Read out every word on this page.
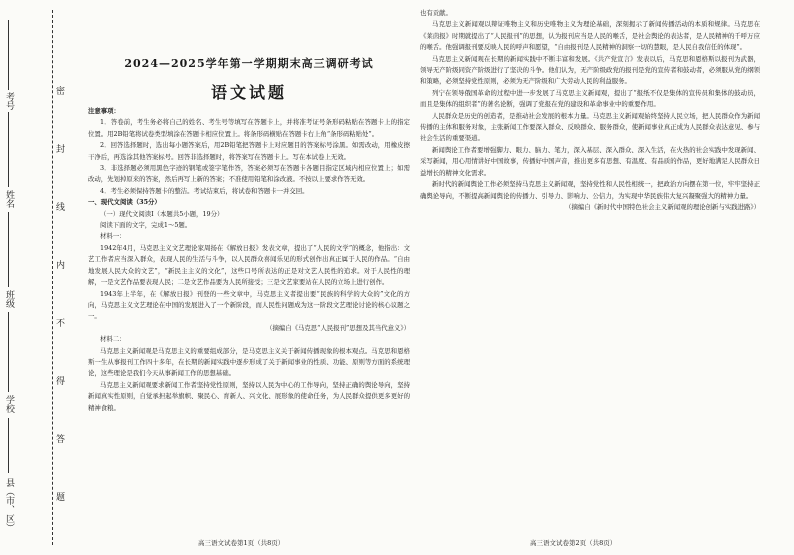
考号
姓名
班级
学校
县（市、区）
密
封
线
内
不
得
答
题
2024—2025学年第一学期期末高三调研考试
语文试题

注意事项：

1．答卷前，考生务必将自己的姓名、考生号等填写在答题卡上，并将准考证号条形码粘贴在答题卡上的指定位置。用2B铅笔将试卷类型填涂在答题卡相应位置上。将条形码横贴在答题卡右上角“条形码粘贴处”。

2．回答选择题时，选出每小题答案后，用2B铅笔把答题卡上对应题目的答案标号涂黑。如需改动，用橡皮擦干净后，再选涂其他答案标号。回答非选择题时，将答案写在答题卡上。写在本试卷上无效。

3．非选择题必须用黑色字迹的钢笔或签字笔作答，答案必须写在答题卡各题目指定区域内相应位置上；如需改动，先划掉原来的答案，然后再写上新的答案；不准使用铅笔和涂改液。不按以上要求作答无效。

4．考生必须保持答题卡的整洁。考试结束后，将试卷和答题卡一并交回。

一、现代文阅读（35分）

（一）现代文阅读Ⅰ（本题共5小题，19分）

阅读下面的文字，完成1～5题。

材料一：

1942年4月，马克思主义文艺理论家周扬在《解放日报》发表文章，提出了“人民的文学”的概念，他指出：文艺工作者应当深入群众，表现人民的生活与斗争，以人民群众喜闻乐见的形式创作出真正属于人民的作品。“自由地发展人民大众的文艺”，“新民主主义的文化”，这些口号所表达的正是对文艺人民性的追求。对于人民性的理解，一是文艺作品要表现人民；二是文艺作品要为人民所接受；三是文艺家要站在人民的立场上进行创作。

1943年上半年，在《解放日报》刊登的一些文章中，马克思主义者提出要“民族的科学的大众的”文化的方向，马克思主义文艺理论在中国的发展进入了一个新阶段，而人民性问题成为这一阶段文艺理论讨论的核心议题之一。

（摘编自《马克思“人民报刊”思想及其当代意义》）

材料二：

马克思主义新闻观是马克思主义的重要组成部分，是马克思主义关于新闻传播现象的根本观点。马克思和恩格斯一生从事报刊工作四十多年，在长期的新闻实践中逐步形成了关于新闻事业的性质、功能、原则等方面的系统理论，这些理论是我们今天从事新闻工作的思想基础。

马克思主义新闻观要求新闻工作者坚持党性原则，坚持以人民为中心的工作导向，坚持正确的舆论导向，坚持新闻真实性原则，自觉承担起举旗帜、聚民心、育新人、兴文化、展形象的使命任务，为人民群众提供更多更好的精神食粮。

高三语文试卷第1页（共8页）

也有贡献。

马克思主义新闻观以辩证唯物主义和历史唯物主义为理论基础，深刻揭示了新闻传播活动的本质和规律。马克思在《莱茵报》时期就提出了“人民报刊”的思想，认为报刊应当是人民的喉舌，是社会舆论的表达者，是人民精神的千呼万应的喉舌。他强调报刊要反映人民的呼声和愿望，“自由报刊是人民精神的洞察一切的慧眼，是人民自我信任的体现”。

马克思主义新闻观在长期的新闻实践中不断丰富和发展。《共产党宣言》发表以后，马克思和恩格斯以报刊为武器，领导无产阶级同资产阶级进行了坚决的斗争。他们认为，无产阶级政党的报刊是党的宣传者和鼓动者，必须服从党的纲领和策略，必须坚持党性原则，必须为无产阶级和广大劳动人民的利益服务。

列宁在领导俄国革命的过程中进一步发展了马克思主义新闻观，提出了“报纸不仅是集体的宣传员和集体的鼓动员，而且是集体的组织者”的著名论断，强调了党报在党的建设和革命事业中的重要作用。

人民群众是历史的创造者，是推动社会发展的根本力量。马克思主义新闻观始终坚持人民立场，把人民群众作为新闻传播的主体和服务对象，主张新闻工作要深入群众、反映群众、服务群众，使新闻事业真正成为人民群众表达意见、参与社会生活的重要渠道。

新闻舆论工作者要增强脚力、眼力、脑力、笔力，深入基层、深入群众、深入生活，在火热的社会实践中发现新闻、采写新闻，用心用情讲好中国故事，传播好中国声音，推出更多有思想、有温度、有品质的作品，更好地满足人民群众日益增长的精神文化需求。

新时代的新闻舆论工作必须坚持马克思主义新闻观，坚持党性和人民性相统一，把政治方向摆在第一位，牢牢坚持正确舆论导向，不断提高新闻舆论的传播力、引导力、影响力、公信力，为实现中华民族伟大复兴凝聚强大的精神力量。

（摘编自《新时代中国特色社会主义新闻观的理论创新与实践进路》）

高三语文试卷第2页（共8页）
